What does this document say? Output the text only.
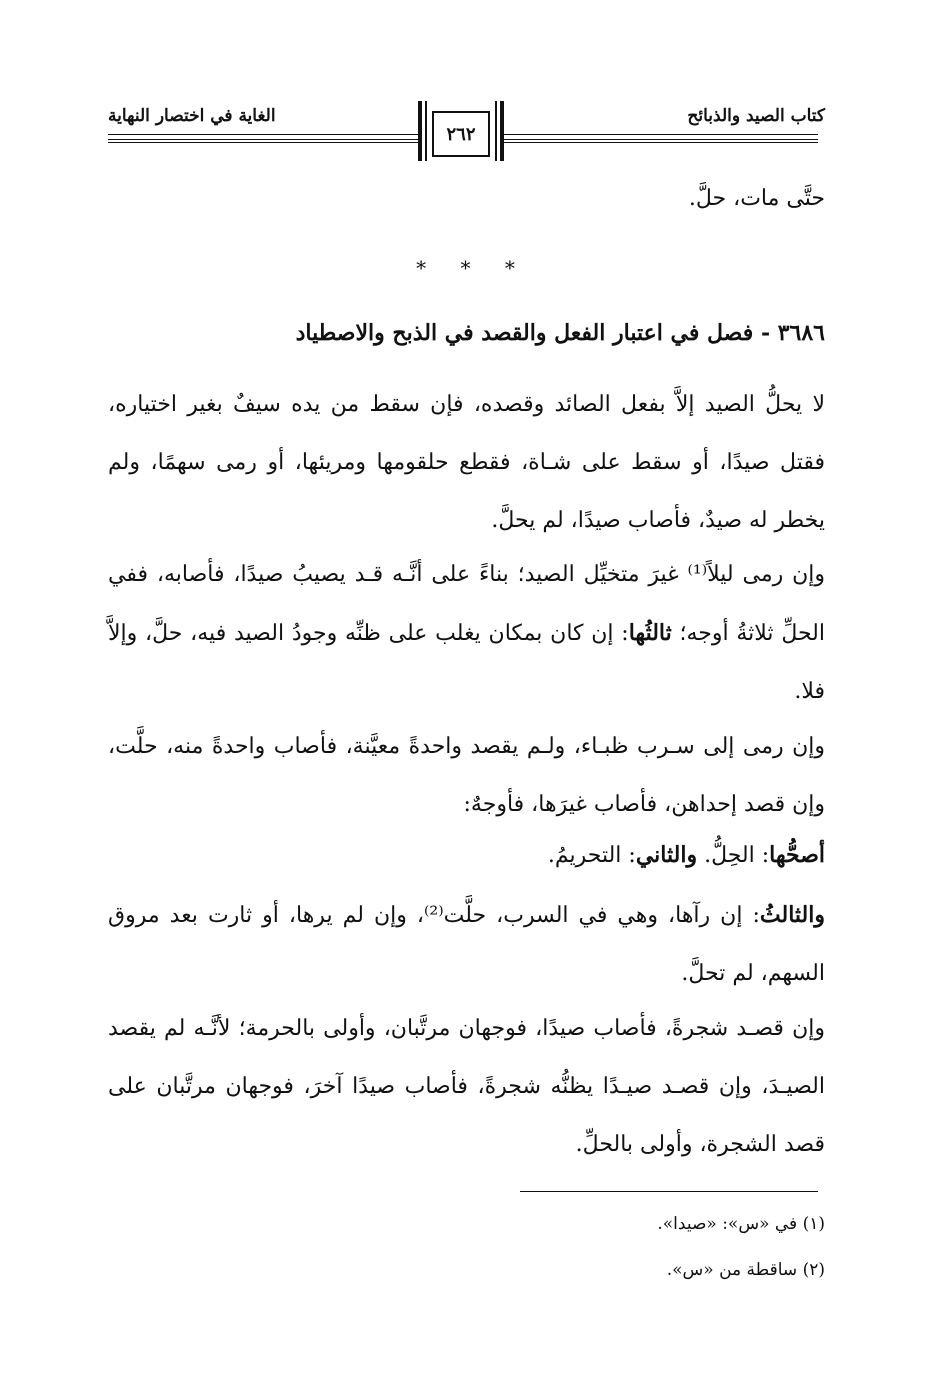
كتاب الصيد والذبائح
الغاية في اختصار النهاية
٢٦٢
حتَّى مات، حلَّ.
* * *
٣٦٨٦ - فصل في اعتبار الفعل والقصد في الذبح والاصطياد
لا يحلُّ الصيد إلاَّ بفعل الصائد وقصده، فإن سقط من يده سيفٌ بغير اختياره، فقتل صيدًا، أو سقط على شـاة، فقطع حلقومها ومريئها، أو رمى سهمًا، ولم يخطر له صيدٌ، فأصاب صيدًا، لم يحلَّ.
وإن رمى ليلاً⁽¹⁾ غيرَ متخيِّل الصيد؛ بناءً على أنَّـه قـد يصيبُ صيدًا، فأصابه، ففي الحلِّ ثلاثةُ أوجه؛ ثالثُها: إن كان بمكان يغلب على ظنِّه وجودُ الصيد فيه، حلَّ، وإلاَّ فلا.
وإن رمى إلى سـرب ظبـاء، ولـم يقصد واحدةً معيَّنة، فأصاب واحدةً منه، حلَّت، وإن قصد إحداهن، فأصاب غيرَها، فأوجهٌ:
أصحُّها: الحِلُّ. والثاني: التحريمُ.
والثالثُ: إن رآها، وهي في السرب، حلَّت⁽²⁾، وإن لم يرها، أو ثارت بعد مروق السهم، لم تحلَّ.
وإن قصـد شجرةً، فأصاب صيدًا، فوجهان مرتَّبان، وأولى بالحرمة؛ لأنَّـه لم يقصد الصيـدَ، وإن قصـد صيـدًا يظنُّه شجرةً، فأصاب صيدًا آخرَ، فوجهان مرتَّبان على قصد الشجرة، وأولى بالحلِّ.
(١) في «س»: «صيدا».
(٢) ساقطة من «س».
